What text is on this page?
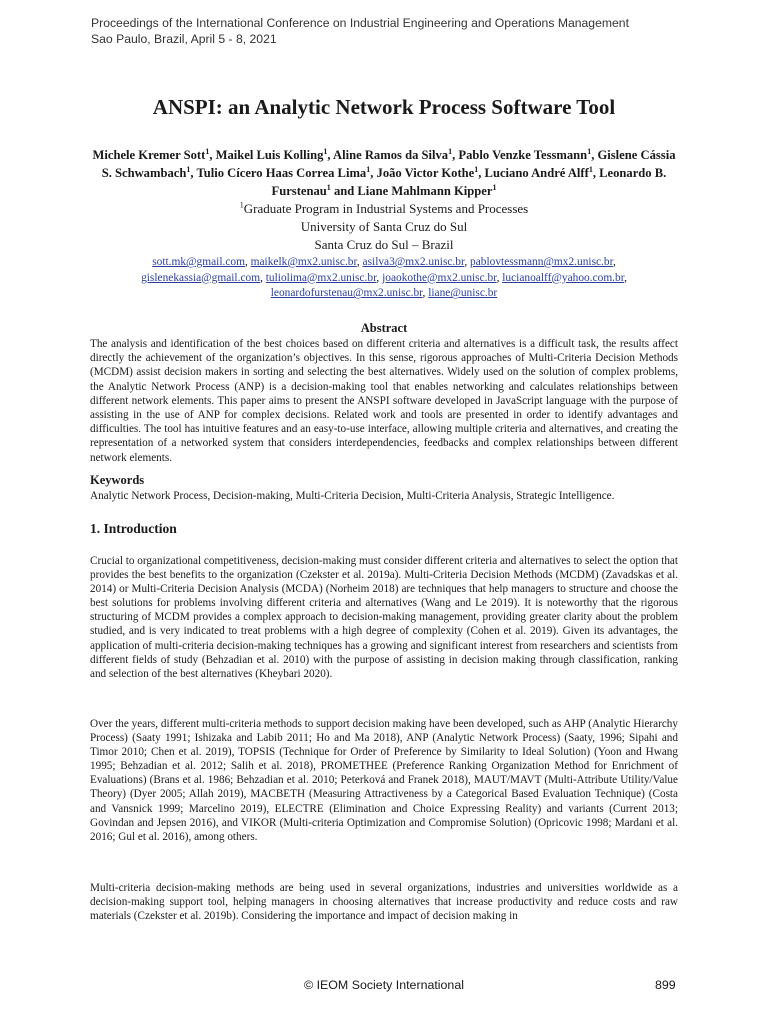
Proceedings of the International Conference on Industrial Engineering and Operations Management
Sao Paulo, Brazil, April 5 - 8, 2021
ANSPI: an Analytic Network Process Software Tool
Michele Kremer Sott$^1$, Maikel Luis Kolling$^1$, Aline Ramos da Silva$^1$, Pablo Venzke Tessmann$^1$, Gislene Cássia S. Schwambach$^1$, Tulio Cícero Haas Correa Lima$^1$, João Victor Kothe$^1$, Luciano André Alff$^1$, Leonardo B. Furstenau$^1$ and Liane Mahlmann Kipper$^1$
$^1$Graduate Program in Industrial Systems and Processes
University of Santa Cruz do Sul
Santa Cruz do Sul – Brazil
sott.mk@gmail.com, maikelk@mx2.unisc.br, asilva3@mx2.unisc.br, pablovtessmann@mx2.unisc.br, gislenekassia@gmail.com, tuliolima@mx2.unisc.br, joaokothe@mx2.unisc.br, lucianoalff@yahoo.com.br, leonardofurstenau@mx2.unisc.br, liane@unisc.br
Abstract
The analysis and identification of the best choices based on different criteria and alternatives is a difficult task, the results affect directly the achievement of the organization’s objectives. In this sense, rigorous approaches of Multi-Criteria Decision Methods (MCDM) assist decision makers in sorting and selecting the best alternatives. Widely used on the solution of complex problems, the Analytic Network Process (ANP) is a decision-making tool that enables networking and calculates relationships between different network elements. This paper aims to present the ANSPI software developed in JavaScript language with the purpose of assisting in the use of ANP for complex decisions. Related work and tools are presented in order to identify advantages and difficulties. The tool has intuitive features and an easy-to-use interface, allowing multiple criteria and alternatives, and creating the representation of a networked system that considers interdependencies, feedbacks and complex relationships between different network elements.
Keywords
Analytic Network Process, Decision-making, Multi-Criteria Decision, Multi-Criteria Analysis, Strategic Intelligence.
1. Introduction
Crucial to organizational competitiveness, decision-making must consider different criteria and alternatives to select the option that provides the best benefits to the organization (Czekster et al. 2019a). Multi-Criteria Decision Methods (MCDM) (Zavadskas et al. 2014) or Multi-Criteria Decision Analysis (MCDA) (Norheim 2018) are techniques that help managers to structure and choose the best solutions for problems involving different criteria and alternatives (Wang and Le 2019). It is noteworthy that the rigorous structuring of MCDM provides a complex approach to decision-making management, providing greater clarity about the problem studied, and is very indicated to treat problems with a high degree of complexity (Cohen et al. 2019). Given its advantages, the application of multi-criteria decision-making techniques has a growing and significant interest from researchers and scientists from different fields of study (Behzadian et al. 2010) with the purpose of assisting in decision making through classification, ranking and selection of the best alternatives (Kheybari 2020).
Over the years, different multi-criteria methods to support decision making have been developed, such as AHP (Analytic Hierarchy Process) (Saaty 1991; Ishizaka and Labib 2011; Ho and Ma 2018), ANP (Analytic Network Process) (Saaty, 1996; Sipahi and Timor 2010; Chen et al. 2019), TOPSIS (Technique for Order of Preference by Similarity to Ideal Solution) (Yoon and Hwang 1995; Behzadian et al. 2012; Salih et al. 2018), PROMETHEE (Preference Ranking Organization Method for Enrichment of Evaluations) (Brans et al. 1986; Behzadian et al. 2010; Peterková and Franek 2018), MAUT/MAVT (Multi-Attribute Utility/Value Theory) (Dyer 2005; Allah 2019), MACBETH (Measuring Attractiveness by a Categorical Based Evaluation Technique) (Costa and Vansnick 1999; Marcelino 2019), ELECTRE (Elimination and Choice Expressing Reality) and variants (Current 2013; Govindan and Jepsen 2016), and VIKOR (Multi-criteria Optimization and Compromise Solution) (Opricovic 1998; Mardani et al. 2016; Gul et al. 2016), among others.
Multi-criteria decision-making methods are being used in several organizations, industries and universities worldwide as a decision-making support tool, helping managers in choosing alternatives that increase productivity and reduce costs and raw materials (Czekster et al. 2019b). Considering the importance and impact of decision making in
© IEOM Society International	899
